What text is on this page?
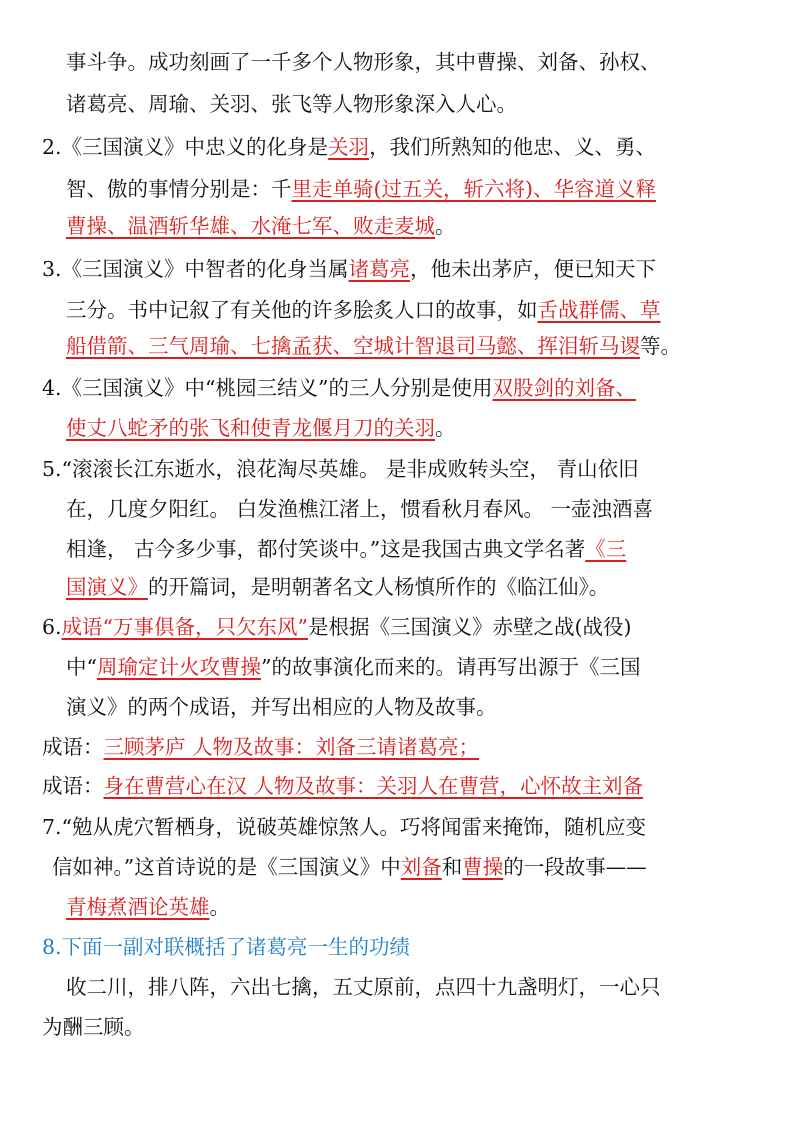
事斗争。成功刻画了一千多个人物形象，其中曹操、刘备、孙权、
诸葛亮、周瑜、关羽、张飞等人物形象深入人心。
2.《三国演义》中忠义的化身是关羽，我们所熟知的他忠、义、勇、
智、傲的事情分别是：千里走单骑(过五关，斩六将)、华容道义释
曹操、温酒斩华雄、水淹七军、败走麦城。
3.《三国演义》中智者的化身当属诸葛亮，他未出茅庐，便已知天下
三分。书中记叙了有关他的许多脍炙人口的故事，如舌战群儒、草
船借箭、三气周瑜、七擒孟获、空城计智退司马懿、挥泪斩马谡等。
4.《三国演义》中“桃园三结义”的三人分别是使用双股剑的刘备、
使丈八蛇矛的张飞和使青龙偃月刀的关羽。
5.“滚滚长江东逝水，浪花淘尽英雄。 是非成败转头空， 青山依旧
在，几度夕阳红。 白发渔樵江渚上，惯看秋月春风。 一壶浊酒喜
相逢， 古今多少事，都付笑谈中。”这是我国古典文学名著《三
国演义》的开篇词，是明朝著名文人杨慎所作的《临江仙》。
6.成语“万事俱备，只欠东风”是根据《三国演义》赤壁之战(战役)
中“周瑜定计火攻曹操”的故事演化而来的。请再写出源于《三国
演义》的两个成语，并写出相应的人物及故事。
成语：三顾茅庐 人物及故事：刘备三请诸葛亮；
成语：身在曹营心在汉 人物及故事：关羽人在曹营，心怀故主刘备
7.“勉从虎穴暂栖身，说破英雄惊煞人。巧将闻雷来掩饰，随机应变
信如神。”这首诗说的是《三国演义》中刘备和曹操的一段故事——
青梅煮酒论英雄。
8.下面一副对联概括了诸葛亮一生的功绩
收二川，排八阵，六出七擒，五丈原前，点四十九盏明灯，一心只
为酬三顾。
